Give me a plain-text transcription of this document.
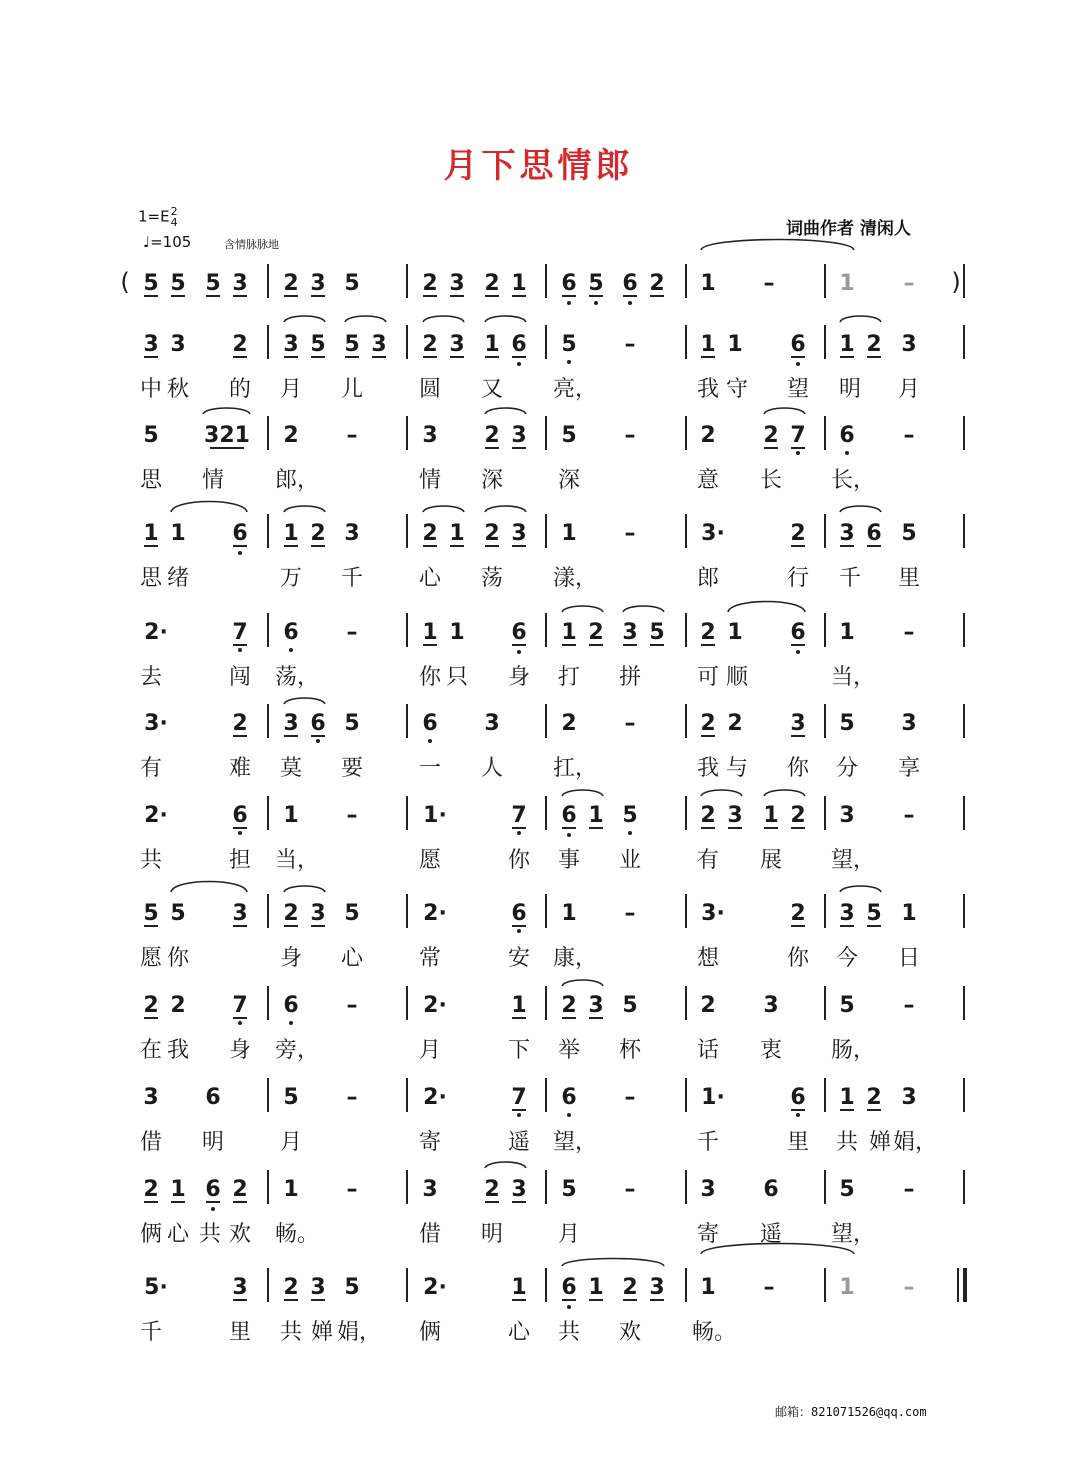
月下思情郎
1=E2
4
♩=105	含情脉脉地
词曲作者 清闲人
邮箱：821071526@qq.com
(	)
5 5 5 3 2 3 5	2 3 2 1 6 5 6 2 1 –	1 –
3 3 2 3 5 5 3 2 3 1 6 5 –	1 1 6 1 2 3
中 秋 的 月 儿	圆 又 亮，	我 守 望 明 月
5 321 2 –	3 2 3 5 –	2 2 7 6 –
思 情 郎，	情 深 深	意 长 长，
1 1 6 1 2 3	2 1 2 3 1 –	3·	2 3 6 5
思 绪	万 千	心 荡 漾，	郎	行 千 里
2·	7 6 –	1 1 6 1 2 3 5 2 1 6 1 –
去	闯 荡，	你 只 身 打 拼	可 顺	当，
3·	2 3 6 5	6 3	2 –	2 2 3 5 3
有	难 莫 要	一 人 扛，	我 与 你 分 享
2·	6 1 –	1·	7 6 1 5	2 3 1 2 3 –
共	担 当，	愿	你 事 业	有 展 望，
5 5 3 2 3 5	2·	6 1 –	3·	2 3 5 1
愿 你	身 心	常	安 康，	想	你 今 日
2 2 7 6 –	2·	1 2 3 5	2 3	5 –
在 我 身 旁，	月	下 举 杯	话 衷 肠，
3 6	5 –	2·	7 6 –	1·	6 1 2 3
借 明	月	寄	遥 望，	千	里 共 婵 娟，
2 1 6 2 1 –	3 2 3 5 –	3 6	5 –
俩 心 共 欢 畅。	借 明 月	寄 遥 望，
5·	3 2 3 5	2·	1 6 1 2 3 1 –	1 –
千	里 共 婵 娟， 俩	心 共 欢 畅。
